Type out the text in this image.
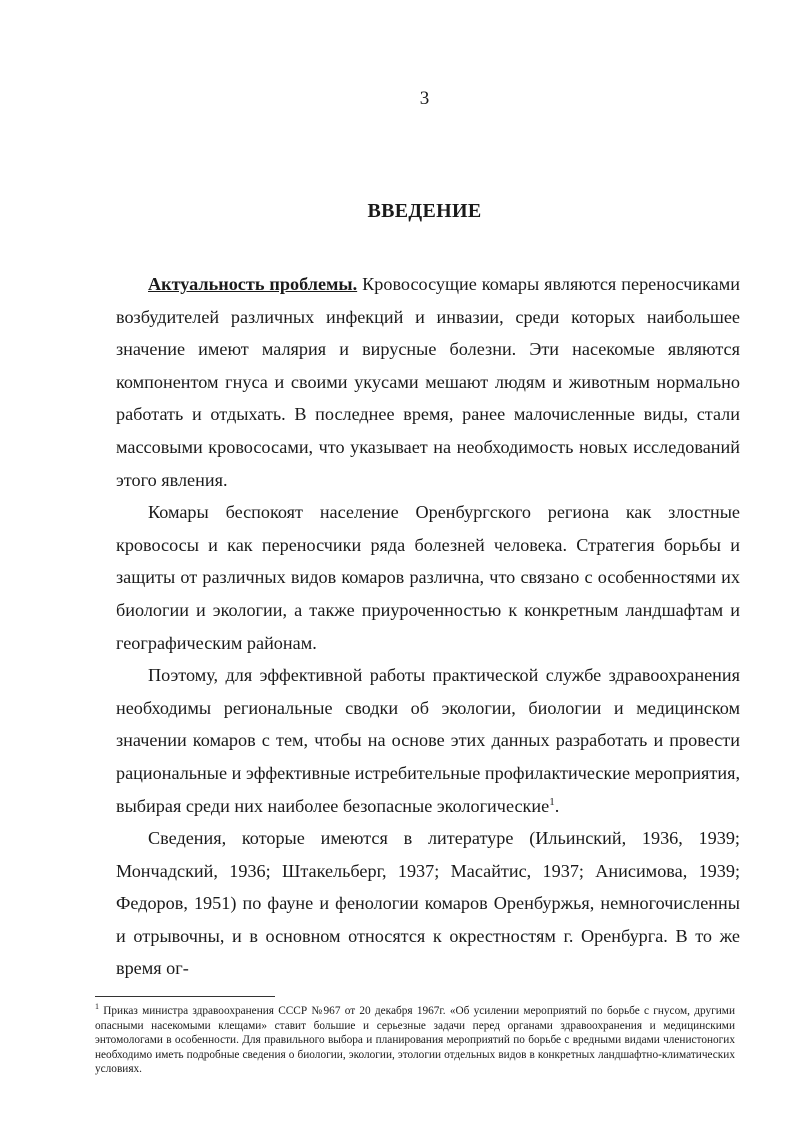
3
ВВЕДЕНИЕ

Актуальность проблемы. Кровососущие комары являются переносчиками возбудителей различных инфекций и инвазии, среди которых наибольшее значение имеют малярия и вирусные болезни. Эти насекомые являются компонентом гнуса и своими укусами мешают людям и животным нормально работать и отдыхать. В последнее время, ранее малочисленные виды, стали массовыми кровососами, что указывает на необходимость новых исследований этого явления.

Комары беспокоят население Оренбургского региона как злостные кровососы и как переносчики ряда болезней человека. Стратегия борьбы и защиты от различных видов комаров различна, что связано с особенностями их биологии и экологии, а также приуроченностью к конкретным ландшафтам и географическим районам.

Поэтому, для эффективной работы практической службе здравоохранения необходимы региональные сводки об экологии, биологии и медицинском значении комаров с тем, чтобы на основе этих данных разработать и провести рациональные и эффективные истребительные профилактические мероприятия, выбирая среди них наиболее безопасные экологические$^1$.

Сведения, которые имеются в литературе (Ильинский, 1936, 1939; Мончадский, 1936; Штакельберг, 1937; Масайтис, 1937; Анисимова, 1939; Федоров, 1951) по фауне и фенологии комаров Оренбуржья, немногочисленны и отрывочны, и в основном относятся к окрестностям г. Оренбурга. В то же время ог-

$^1$ Приказ министра здравоохранения СССР №967 от 20 декабря 1967г. «Об усилении мероприятий по борьбе с гнусом, другими опасными насекомыми клещами» ставит большие и серьезные задачи перед органами здравоохранения и медицинскими энтомологами в особенности. Для правильного выбора и планирования мероприятий по борьбе с вредными видами членистоногих необходимо иметь подробные сведения о биологии, экологии, этологии отдельных видов в конкретных ландшафтно-климатических условиях.
